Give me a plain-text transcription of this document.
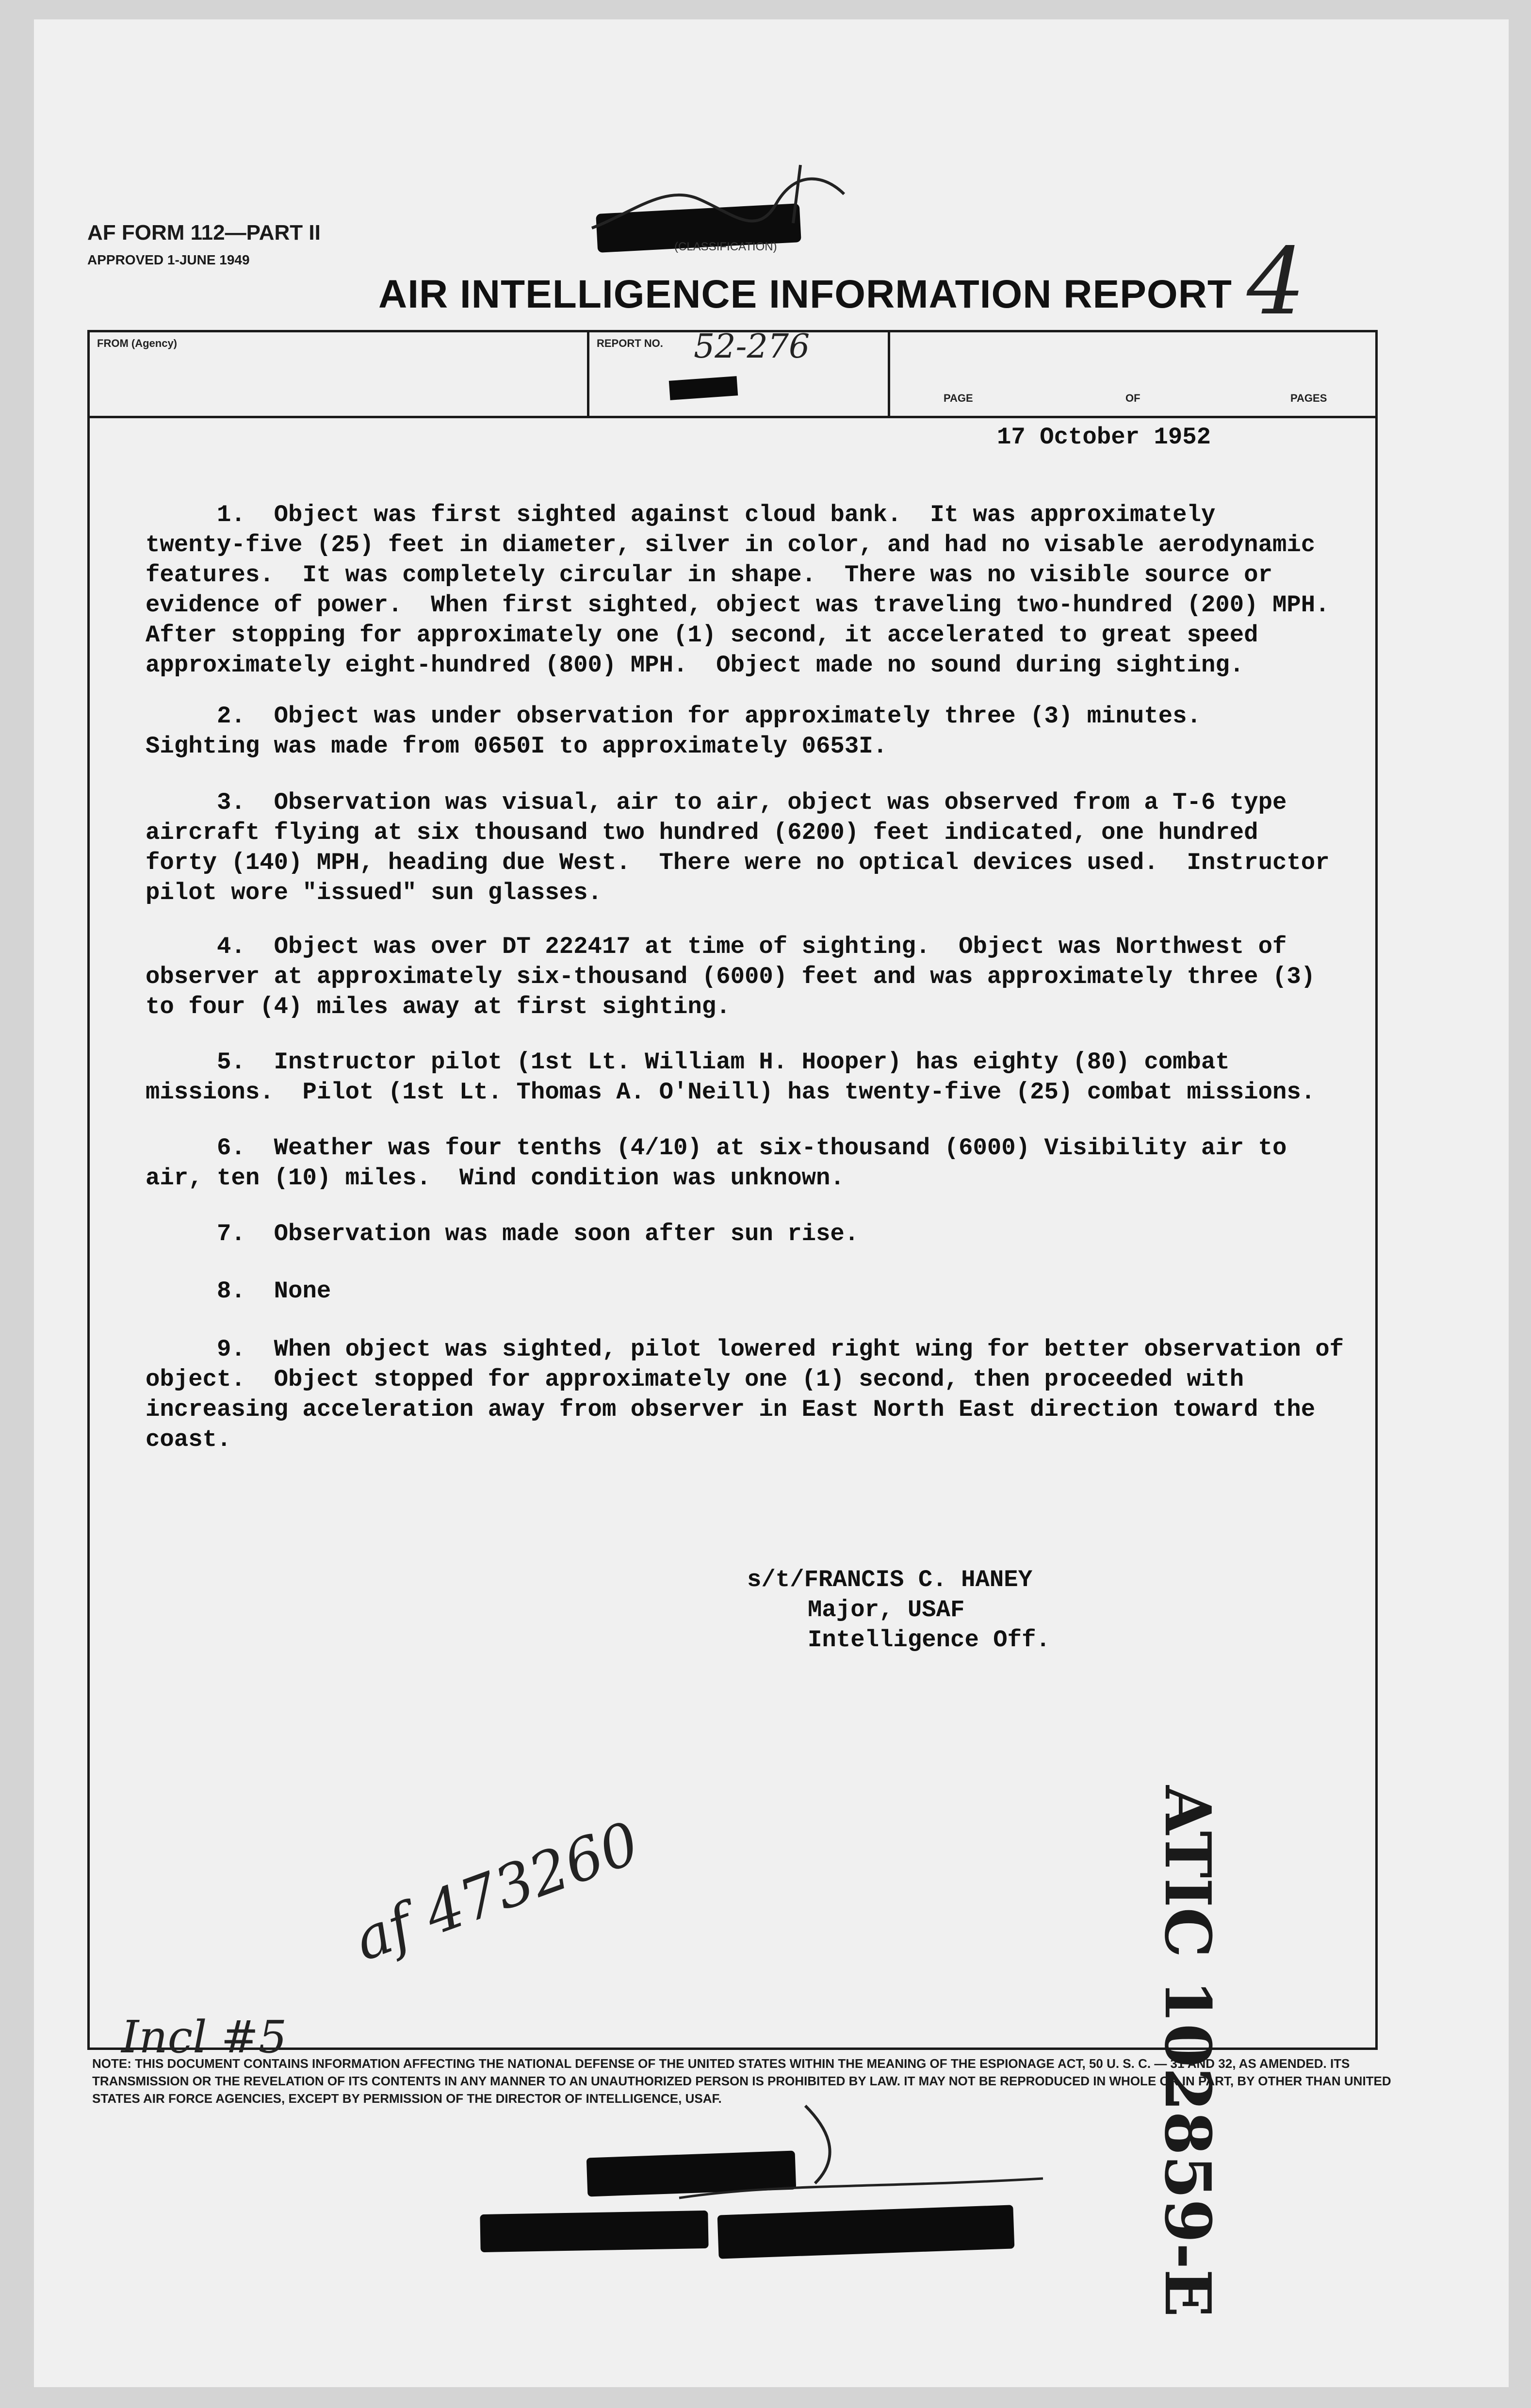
AF FORM 112—PART II
APPROVED 1-JUNE 1949
(CLASSIFICATION)	4
AIR INTELLIGENCE INFORMATION REPORT
FROM (Agency)	REPORT NO. 52-276
PAGE	OF	PAGES
17 October 1952
1.  Object was first sighted against cloud bank.  It was approximately
twenty-five (25) feet in diameter, silver in color, and had no visable aerodynamic
features.  It was completely circular in shape.  There was no visible source or
evidence of power.  When first sighted, object was traveling two-hundred (200) MPH.
After stopping for approximately one (1) second, it accelerated to great speed
approximately eight-hundred (800) MPH.  Object made no sound during sighting.
2.  Object was under observation for approximately three (3) minutes.
Sighting was made from 0650I to approximately 0653I.
3.  Observation was visual, air to air, object was observed from a T-6 type
aircraft flying at six thousand two hundred (6200) feet indicated, one hundred
forty (140) MPH, heading due West.  There were no optical devices used.  Instructor
pilot wore "issued" sun glasses.
4.  Object was over DT 222417 at time of sighting.  Object was Northwest of
observer at approximately six-thousand (6000) feet and was approximately three (3)
to four (4) miles away at first sighting.
5.  Instructor pilot (1st Lt. William H. Hooper) has eighty (80) combat
missions.  Pilot (1st Lt. Thomas A. O'Neill) has twenty-five (25) combat missions.
6.  Weather was four tenths (4/10) at six-thousand (6000) Visibility air to
air, ten (10) miles.  Wind condition was unknown.
7.  Observation was made soon after sun rise.
8.  None
9.  When object was sighted, pilot lowered right wing for better observation of
object.  Object stopped for approximately one (1) second, then proceeded with
increasing acceleration away from observer in East North East direction toward the
coast.
s/t/FRANCIS C. HANEY
Major, USAF
Intelligence Off.
af 473260	ATIC 102859-E
Incl #5
NOTE: THIS DOCUMENT CONTAINS INFORMATION AFFECTING THE NATIONAL DEFENSE OF THE UNITED STATES WITHIN THE MEANING OF THE ESPIONAGE ACT, 50 U. S. C. — 31 AND 32, AS AMENDED. ITS TRANSMISSION OR THE REVELATION OF ITS CONTENTS IN ANY MANNER TO AN UNAUTHORIZED PERSON IS PROHIBITED BY LAW. IT MAY NOT BE REPRODUCED IN WHOLE OR IN PART, BY OTHER THAN UNITED STATES AIR FORCE AGENCIES, EXCEPT BY PERMISSION OF THE DIRECTOR OF INTELLIGENCE, USAF.
